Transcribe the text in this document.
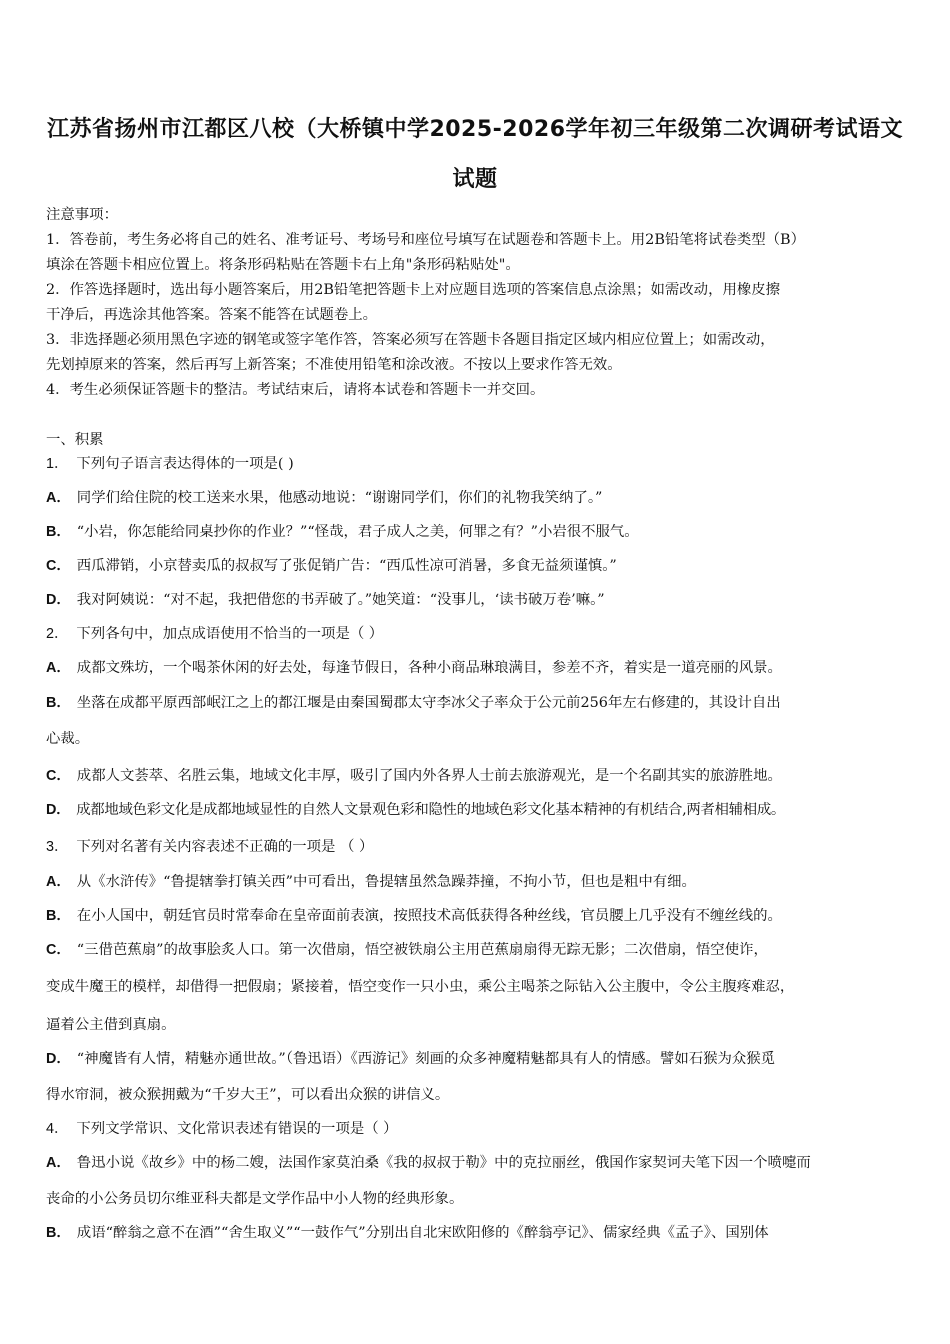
江苏省扬州市江都区八校（大桥镇中学2025-2026学年初三年级第二次调研考试语文
试题
注意事项：
1．答卷前，考生务必将自己的姓名、准考证号、考场号和座位号填写在试题卷和答题卡上。用2B铅笔将试卷类型（B）
填涂在答题卡相应位置上。将条形码粘贴在答题卡右上角"条形码粘贴处"。
2．作答选择题时，选出每小题答案后，用2B铅笔把答题卡上对应题目选项的答案信息点涂黑；如需改动，用橡皮擦
干净后，再选涂其他答案。答案不能答在试题卷上。
3．非选择题必须用黑色字迹的钢笔或签字笔作答，答案必须写在答题卡各题目指定区域内相应位置上；如需改动，
先划掉原来的答案，然后再写上新答案；不准使用铅笔和涂改液。不按以上要求作答无效。
4．考生必须保证答题卡的整洁。考试结束后，请将本试卷和答题卡一并交回。
一、积累
1． 下列句子语言表达得体的一项是( )
A． 同学们给住院的校工送来水果，他感动地说：“谢谢同学们，你们的礼物我笑纳了。”
B． “小岩，你怎能给同桌抄你的作业？”“怪哉，君子成人之美，何罪之有？”小岩很不服气。
C． 西瓜滞销，小京替卖瓜的叔叔写了张促销广告：“西瓜性凉可消暑，多食无益须谨慎。”
D． 我对阿姨说：“对不起，我把借您的书弄破了。”她笑道：“没事儿，‘读书破万卷’嘛。”
2． 下列各句中，加点成语使用不恰当的一项是（ ）
A． 成都文殊坊，一个喝茶休闲的好去处，每逢节假日，各种小商品琳琅满目，参差不齐，着实是一道亮丽的风景。
B． 坐落在成都平原西部岷江之上的都江堰是由秦国蜀郡太守李冰父子率众于公元前256年左右修建的，其设计自出
心裁。
C． 成都人文荟萃、名胜云集，地域文化丰厚，吸引了国内外各界人士前去旅游观光，是一个名副其实的旅游胜地。
D． 成都地域色彩文化是成都地域显性的自然人文景观色彩和隐性的地域色彩文化基本精神的有机结合,两者相辅相成。
3． 下列对名著有关内容表述不正确的一项是 （ ）
A． 从《水浒传》“鲁提辖拳打镇关西”中可看出，鲁提辖虽然急躁莽撞，不拘小节，但也是粗中有细。
B． 在小人国中，朝廷官员时常奉命在皇帝面前表演，按照技术高低获得各种丝线，官员腰上几乎没有不缠丝线的。
C． “三借芭蕉扇”的故事脍炙人口。第一次借扇，悟空被铁扇公主用芭蕉扇扇得无踪无影；二次借扇，悟空使诈，
变成牛魔王的模样，却借得一把假扇；紧接着，悟空变作一只小虫，乘公主喝茶之际钻入公主腹中，令公主腹疼难忍，
逼着公主借到真扇。
D． “神魔皆有人情，精魅亦通世故。”（鲁迅语）《西游记》刻画的众多神魔精魅都具有人的情感。譬如石猴为众猴觅
得水帘洞，被众猴拥戴为“千岁大王”，可以看出众猴的讲信义。
4． 下列文学常识、文化常识表述有错误的一项是（ ）
A． 鲁迅小说《故乡》中的杨二嫂，法国作家莫泊桑《我的叔叔于勒》中的克拉丽丝，俄国作家契诃夫笔下因一个喷嚏而
丧命的小公务员切尔维亚科夫都是文学作品中小人物的经典形象。
B． 成语“醉翁之意不在酒”“舍生取义”“一鼓作气”分别出自北宋欧阳修的《醉翁亭记》、儒家经典《孟子》、国别体
